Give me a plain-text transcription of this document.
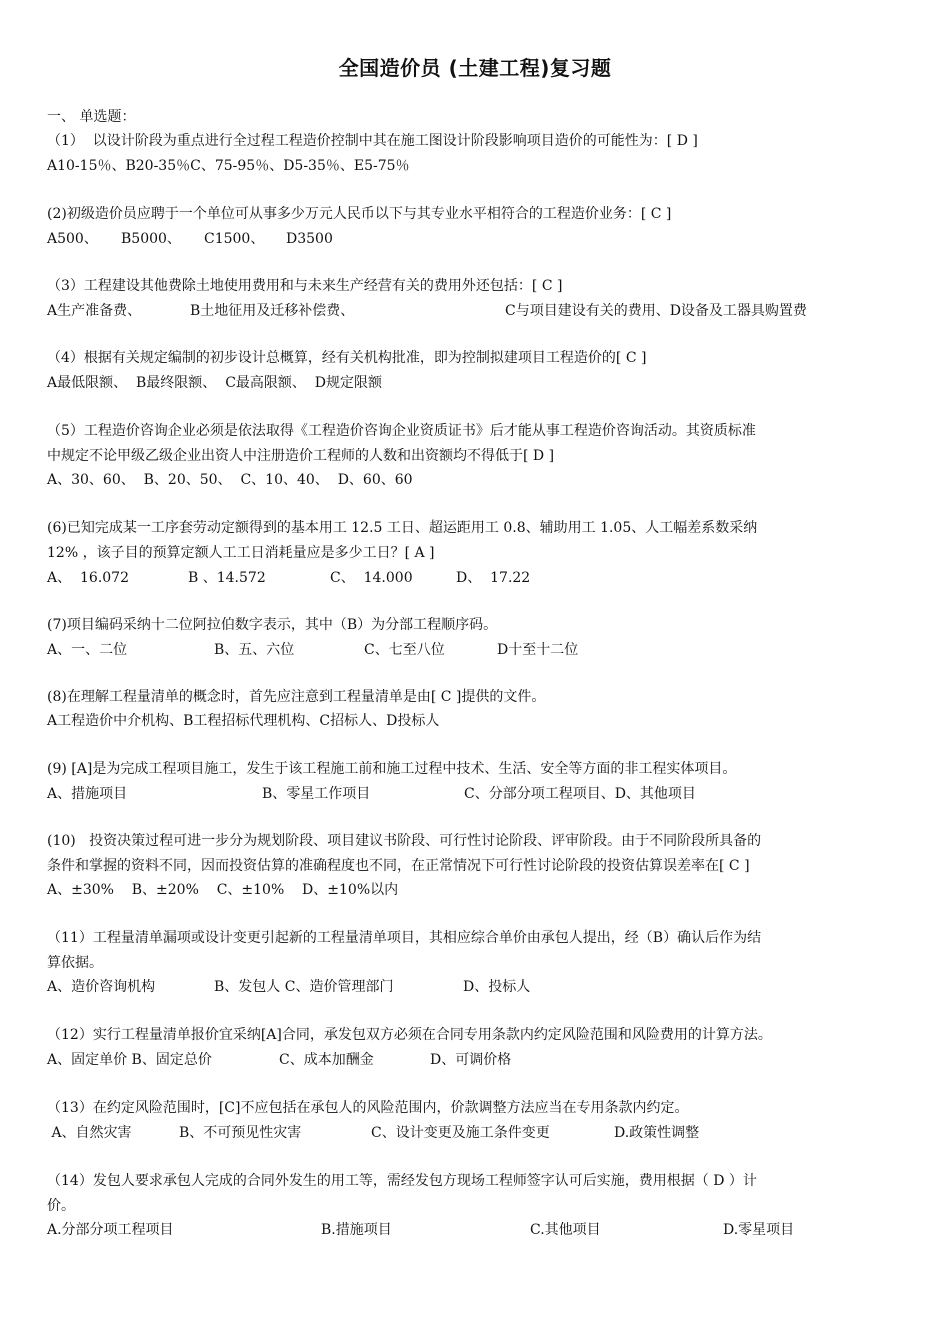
全国造价员 (土建工程)复习题
一、 单选题：
（1）  以设计阶段为重点进行全过程工程造价控制中其在施工图设计阶段影响项目造价的可能性为：[ D ]
A10-15％、B20-35％C、75-95％、D5-35％、E5-75％
(2)初级造价员应聘于一个单位可从事多少万元人民币以下与其专业水平相符合的工程造价业务：[ C ]
A500、 B5000、 C1500、 D3500
（3）工程建设其他费除土地使用费用和与未来生产经营有关的费用外还包括：[ C ]
A生产准备费、	B土地征用及迁移补偿费、	C与项目建设有关的费用、D设备及工器具购置费
（4）根据有关规定编制的初步设计总概算，经有关机构批准，即为控制拟建项目工程造价的[ C ]
A最低限额、  B最终限额、  C最高限额、  D规定限额
（5）工程造价咨询企业必须是依法取得《工程造价咨询企业资质证书》后才能从事工程造价咨询活动。其资质标准
中规定不论甲级乙级企业出资人中注册造价工程师的人数和出资额均不得低于[ D ]
A、30、60、  B、20、50、  C、10、40、  D、60、60
(6)已知完成某一工序套劳动定额得到的基本用工 12.5 工日、超运距用工 0.8、辅助用工 1.05、人工幅差系数采纳
12% ，该子目的预算定额人工工日消耗量应是多少工日？[ A ]
A、  16.072	B 、14.572	C、  14.000	D、  17.22
(7)项目编码采纳十二位阿拉伯数字表示，其中（B）为分部工程顺序码。
A、一、二位	B、五、六位	C、七至八位	D十至十二位
(8)在理解工程量清单的概念时，首先应注意到工程量清单是由[ C ]提供的文件。
A工程造价中介机构、B工程招标代理机构、C招标人、D投标人
(9) [A]是为完成工程项目施工，发生于该工程施工前和施工过程中技术、生活、安全等方面的非工程实体项目。
A、措施项目	B、零星工作项目	C、分部分项工程项目、D、其他项目
(10)   投资决策过程可进一步分为规划阶段、项目建议书阶段、可行性讨论阶段、评审阶段。由于不同阶段所具备的
条件和掌握的资料不同，因而投资估算的准确程度也不同，在正常情况下可行性讨论阶段的投资估算误差率在[ C ]
A、±30%    B、±20%    C、±10%    D、±10%以内
（11）工程量清单漏项或设计变更引起新的工程量清单项目，其相应综合单价由承包人提出，经（B）确认后作为结
算依据。
A、造价咨询机构	B、发包人 C、造价管理部门	D、投标人
（12）实行工程量清单报价宜采纳[A]合同，承发包双方必须在合同专用条款内约定风险范围和风险费用的计算方法。
A、固定单价 B、固定总价	C、成本加酬金	D、可调价格
（13）在约定风险范围时，[C]不应包括在承包人的风险范围内，价款调整方法应当在专用条款内约定。
A、自然灾害	B、不可预见性灾害	C、设计变更及施工条件变更	D.政策性调整
（14）发包人要求承包人完成的合同外发生的用工等，需经发包方现场工程师签字认可后实施，费用根据（ D ）计
价。
A.分部分项工程项目	B.措施项目	C.其他项目	D.零星项目
